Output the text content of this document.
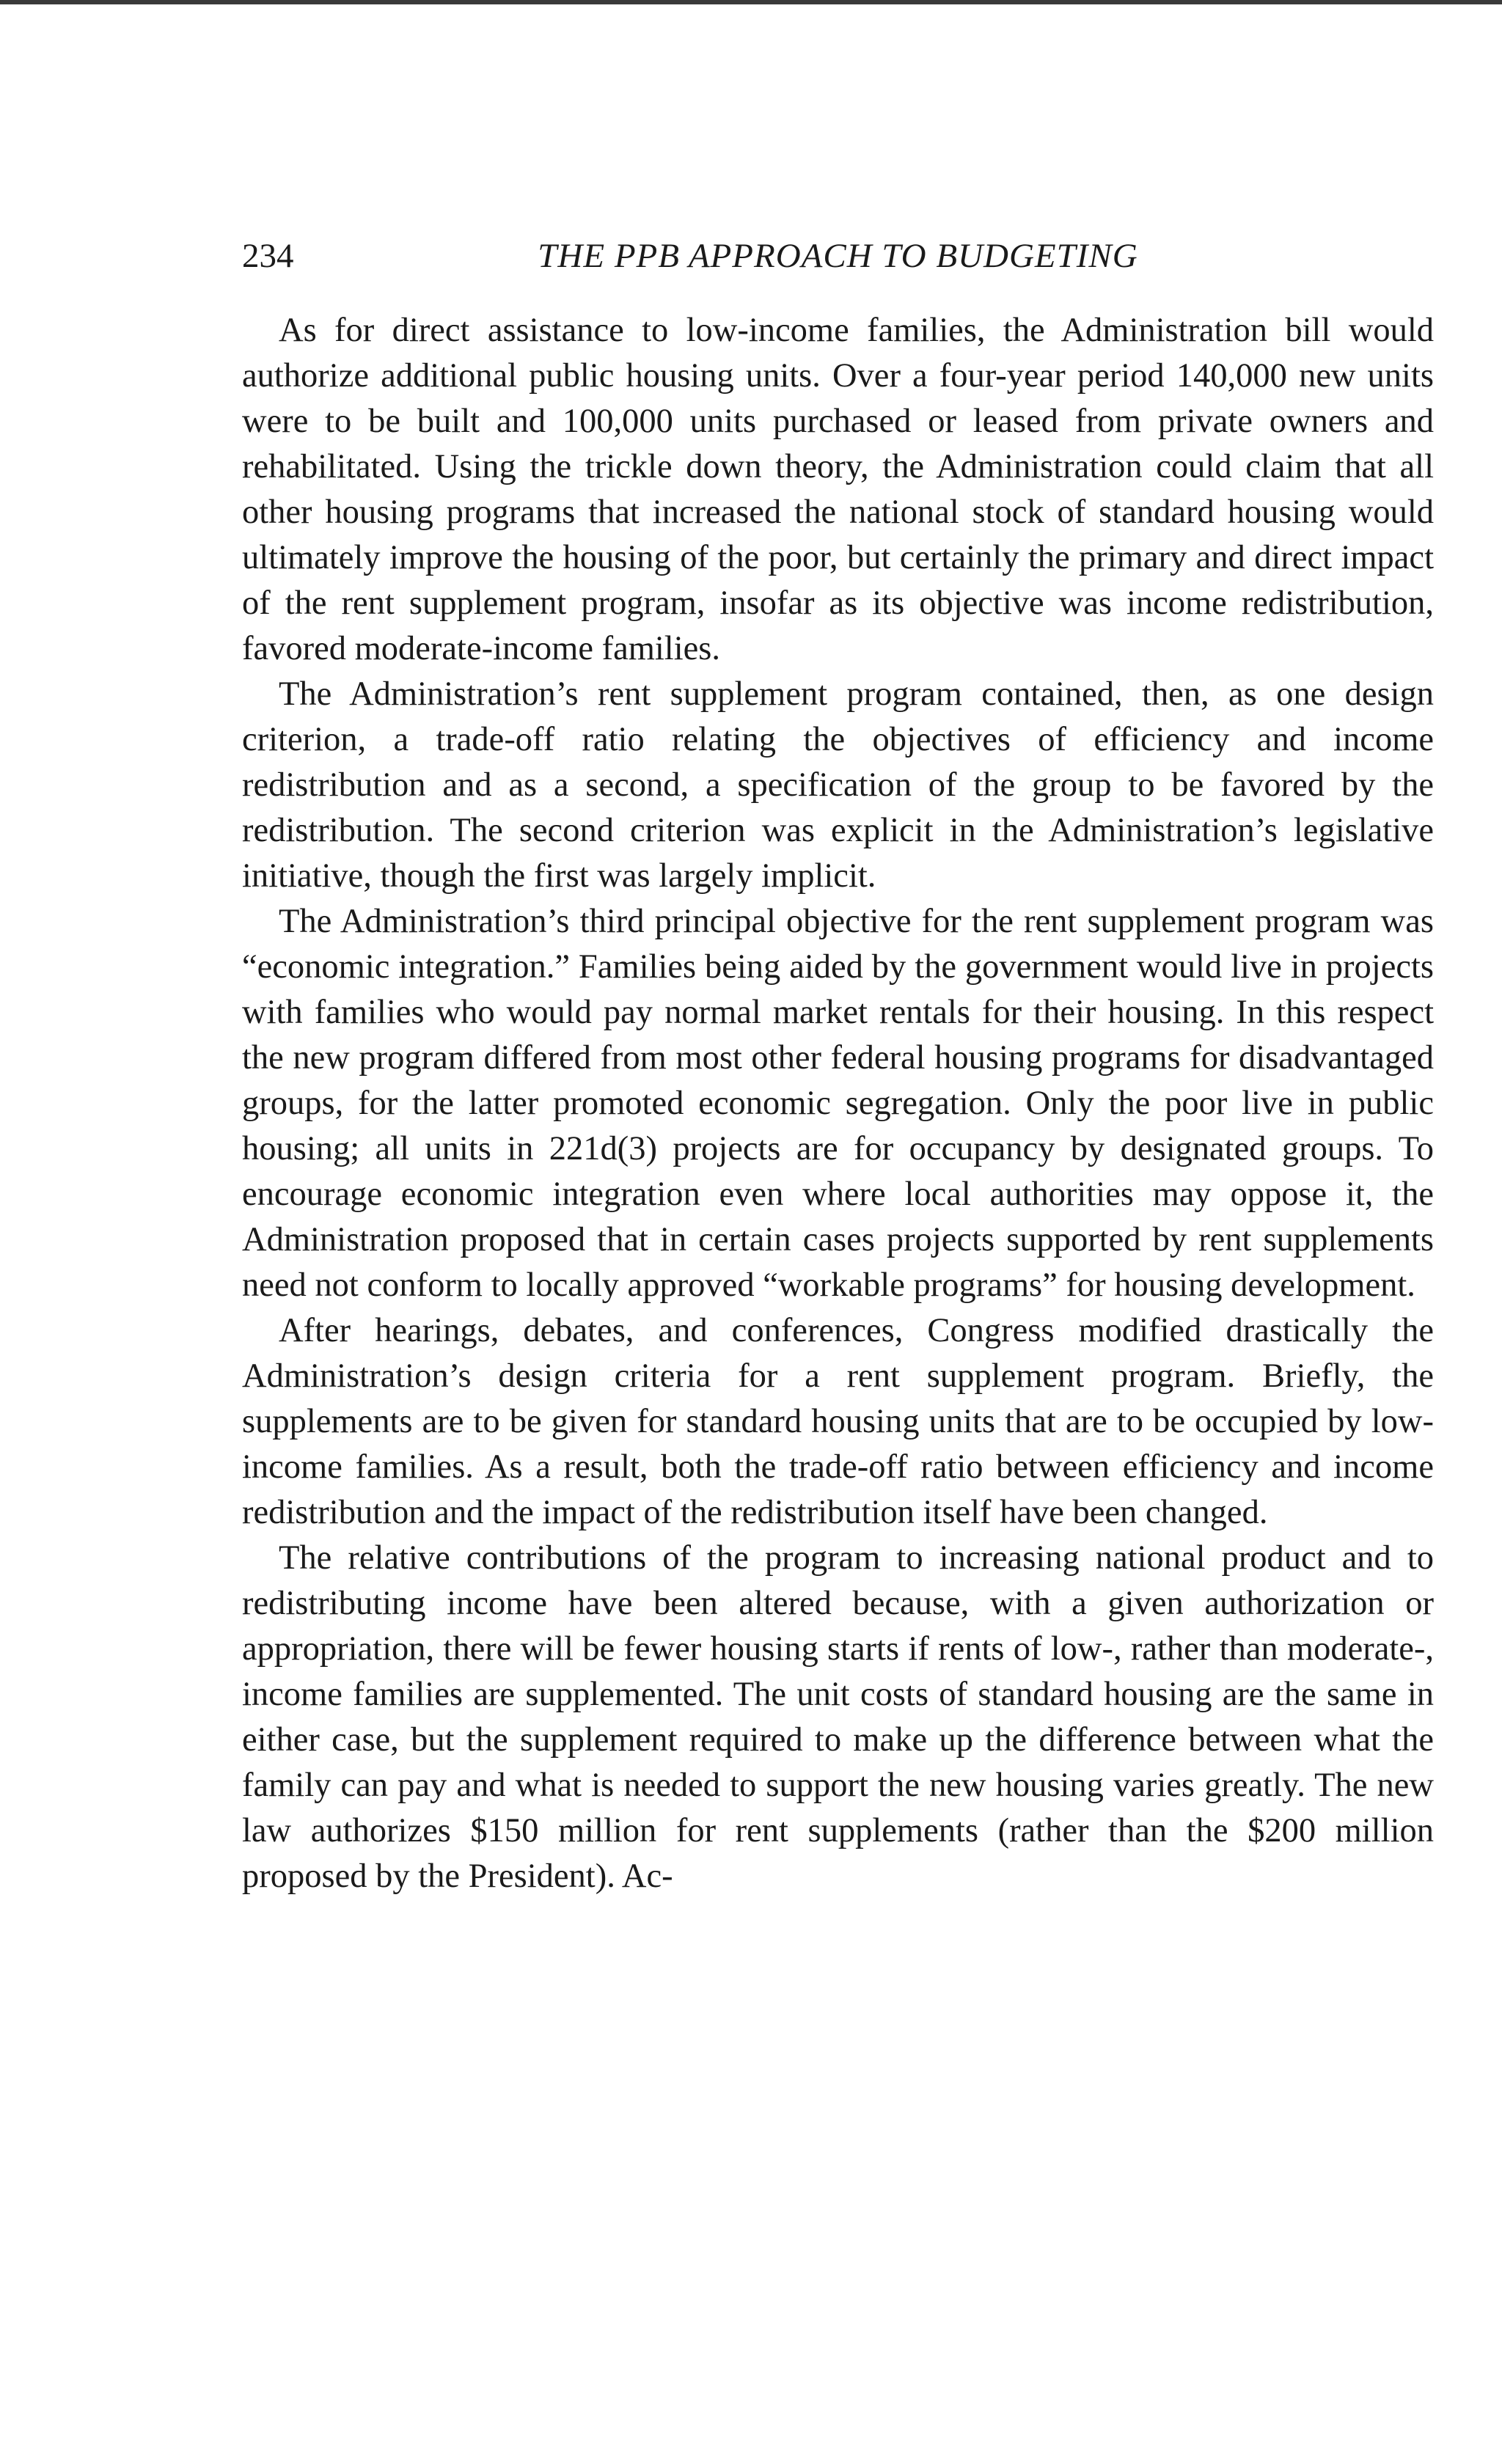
234	THE PPB APPROACH TO BUDGETING

As for direct assistance to low-income families, the Administration bill would authorize additional public housing units. Over a four-year period 140,000 new units were to be built and 100,000 units purchased or leased from private owners and rehabilitated. Using the trickle down theory, the Administration could claim that all other housing programs that increased the national stock of standard housing would ultimately improve the housing of the poor, but certainly the primary and direct impact of the rent supplement program, insofar as its objective was income redistribution, favored moderate-income families.

The Administration’s rent supplement program contained, then, as one design criterion, a trade-off ratio relating the objectives of efficiency and income redistribution and as a second, a specification of the group to be favored by the redistribution. The second criterion was explicit in the Administration’s legislative initiative, though the first was largely implicit.

The Administration’s third principal objective for the rent supplement program was “economic integration.” Families being aided by the government would live in projects with families who would pay normal market rentals for their housing. In this respect the new program differed from most other federal housing programs for disadvantaged groups, for the latter promoted economic segregation. Only the poor live in public housing; all units in 221d(3) projects are for occupancy by designated groups. To encourage economic integration even where local authorities may oppose it, the Administration proposed that in certain cases projects supported by rent supplements need not conform to locally approved “workable programs” for housing development.

After hearings, debates, and conferences, Congress modified drastically the Administration’s design criteria for a rent supplement program. Briefly, the supplements are to be given for standard housing units that are to be occupied by low-income families. As a result, both the trade-off ratio between efficiency and income redistribution and the impact of the redistribution itself have been changed.

The relative contributions of the program to increasing national product and to redistributing income have been altered because, with a given authorization or appropriation, there will be fewer housing starts if rents of low-, rather than moderate-, income families are supplemented. The unit costs of standard housing are the same in either case, but the supplement required to make up the difference between what the family can pay and what is needed to support the new housing varies greatly. The new law authorizes $150 million for rent supplements (rather than the $200 million proposed by the President). Ac-
